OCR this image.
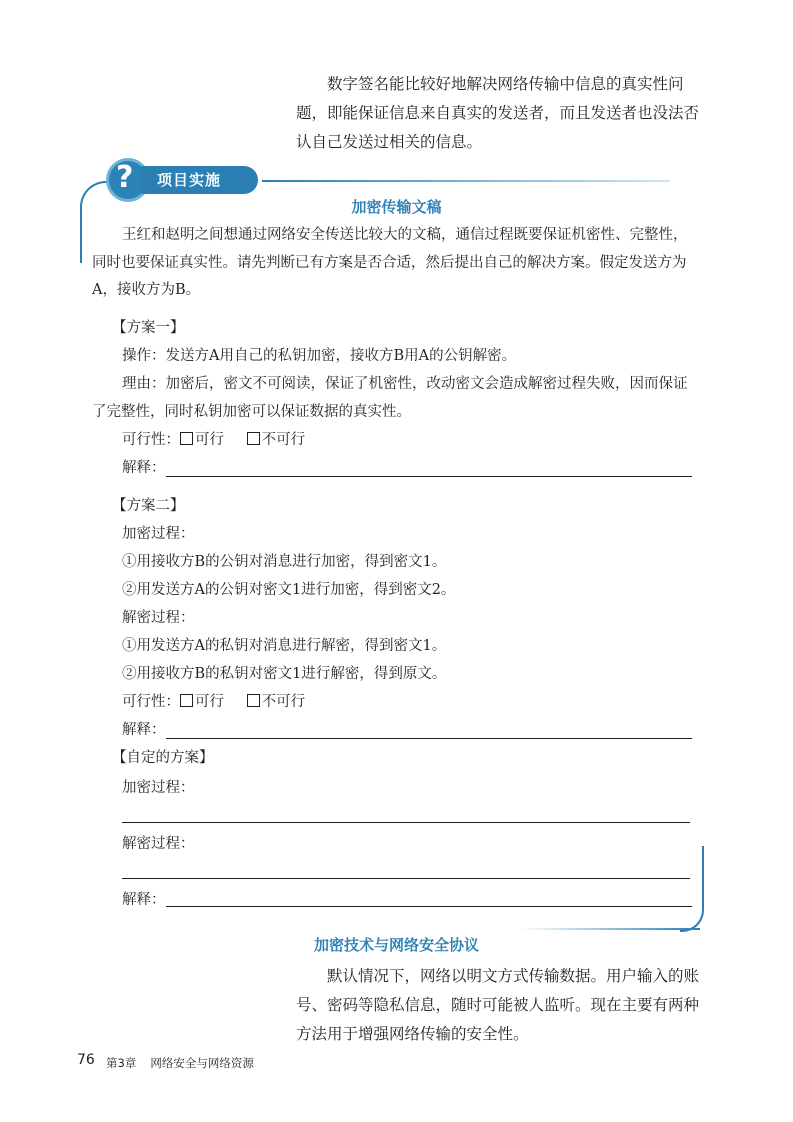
数字签名能比较好地解决网络传输中信息的真实性问题，即能保证信息来自真实的发送者，而且发送者也没法否认自己发送过相关的信息。

? 项目实施
加密传输文稿

王红和赵明之间想通过网络安全传送比较大的文稿，通信过程既要保证机密性、完整性，同时也要保证真实性。请先判断已有方案是否合适，然后提出自己的解决方案。假定发送方为A，接收方为B。

【方案一】
操作：发送方A用自己的私钥加密，接收方B用A的公钥解密。

理由：加密后，密文不可阅读，保证了机密性，改动密文会造成解密过程失败，因而保证了完整性，同时私钥加密可以保证数据的真实性。

可行性： 可行	不可行
解释：
【方案二】
加密过程：
①用接收方B的公钥对消息进行加密，得到密文1。
②用发送方A的公钥对密文1进行加密，得到密文2。
解密过程：
①用发送方A的私钥对消息进行解密，得到密文1。
②用接收方B的私钥对密文1进行解密，得到原文。
可行性： 可行	不可行
解释：
【自定的方案】
加密过程：
解密过程：
解释：
加密技术与网络安全协议

默认情况下，网络以明文方式传输数据。用户输入的账号、密码等隐私信息，随时可能被人监听。现在主要有两种方法用于增强网络传输的安全性。

76 第3章 网络安全与网络资源
